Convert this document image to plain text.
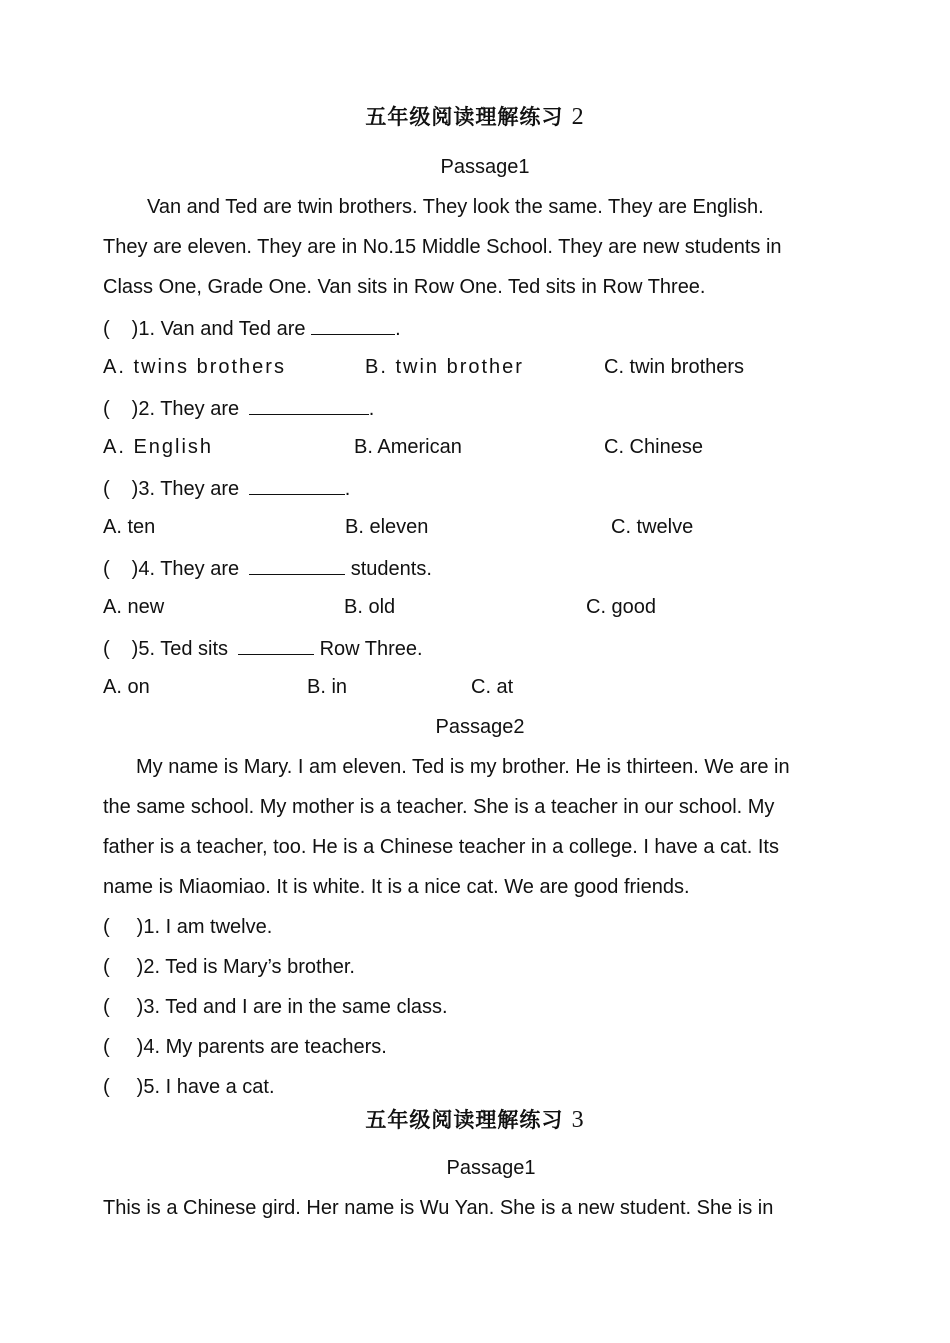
五年级阅读理解练习 2
Passage1
Van and Ted are twin brothers. They look the same. They are English.
They are eleven. They are in No.15 Middle School. They are new students in
Class One, Grade One. Van sits in Row One. Ted sits in Row Three.
( )1. Van and Ted are	.
A. twins brothers	B. twin brother	C. twin brothers
( )2. They are	.
A. English	B. American	C. Chinese
( )3. They are	.
A. ten	B. eleven	C. twelve
( )4. They are	students.
A. new	B. old	C. good
( )5. Ted sits	Row Three.
A. on	B. in	C. at
Passage2
My name is Mary. I am eleven. Ted is my brother. He is thirteen. We are in
the same school. My mother is a teacher. She is a teacher in our school. My
father is a teacher, too. He is a Chinese teacher in a college. I have a cat. Its
name is Miaomiao. It is white. It is a nice cat. We are good friends.
( )1. I am twelve.
( )2. Ted is Mary’s brother.
( )3. Ted and I are in the same class.
( )4. My parents are teachers.
( )5. I have a cat.
五年级阅读理解练习 3
Passage1
This is a Chinese gird. Her name is Wu Yan. She is a new student. She is in
